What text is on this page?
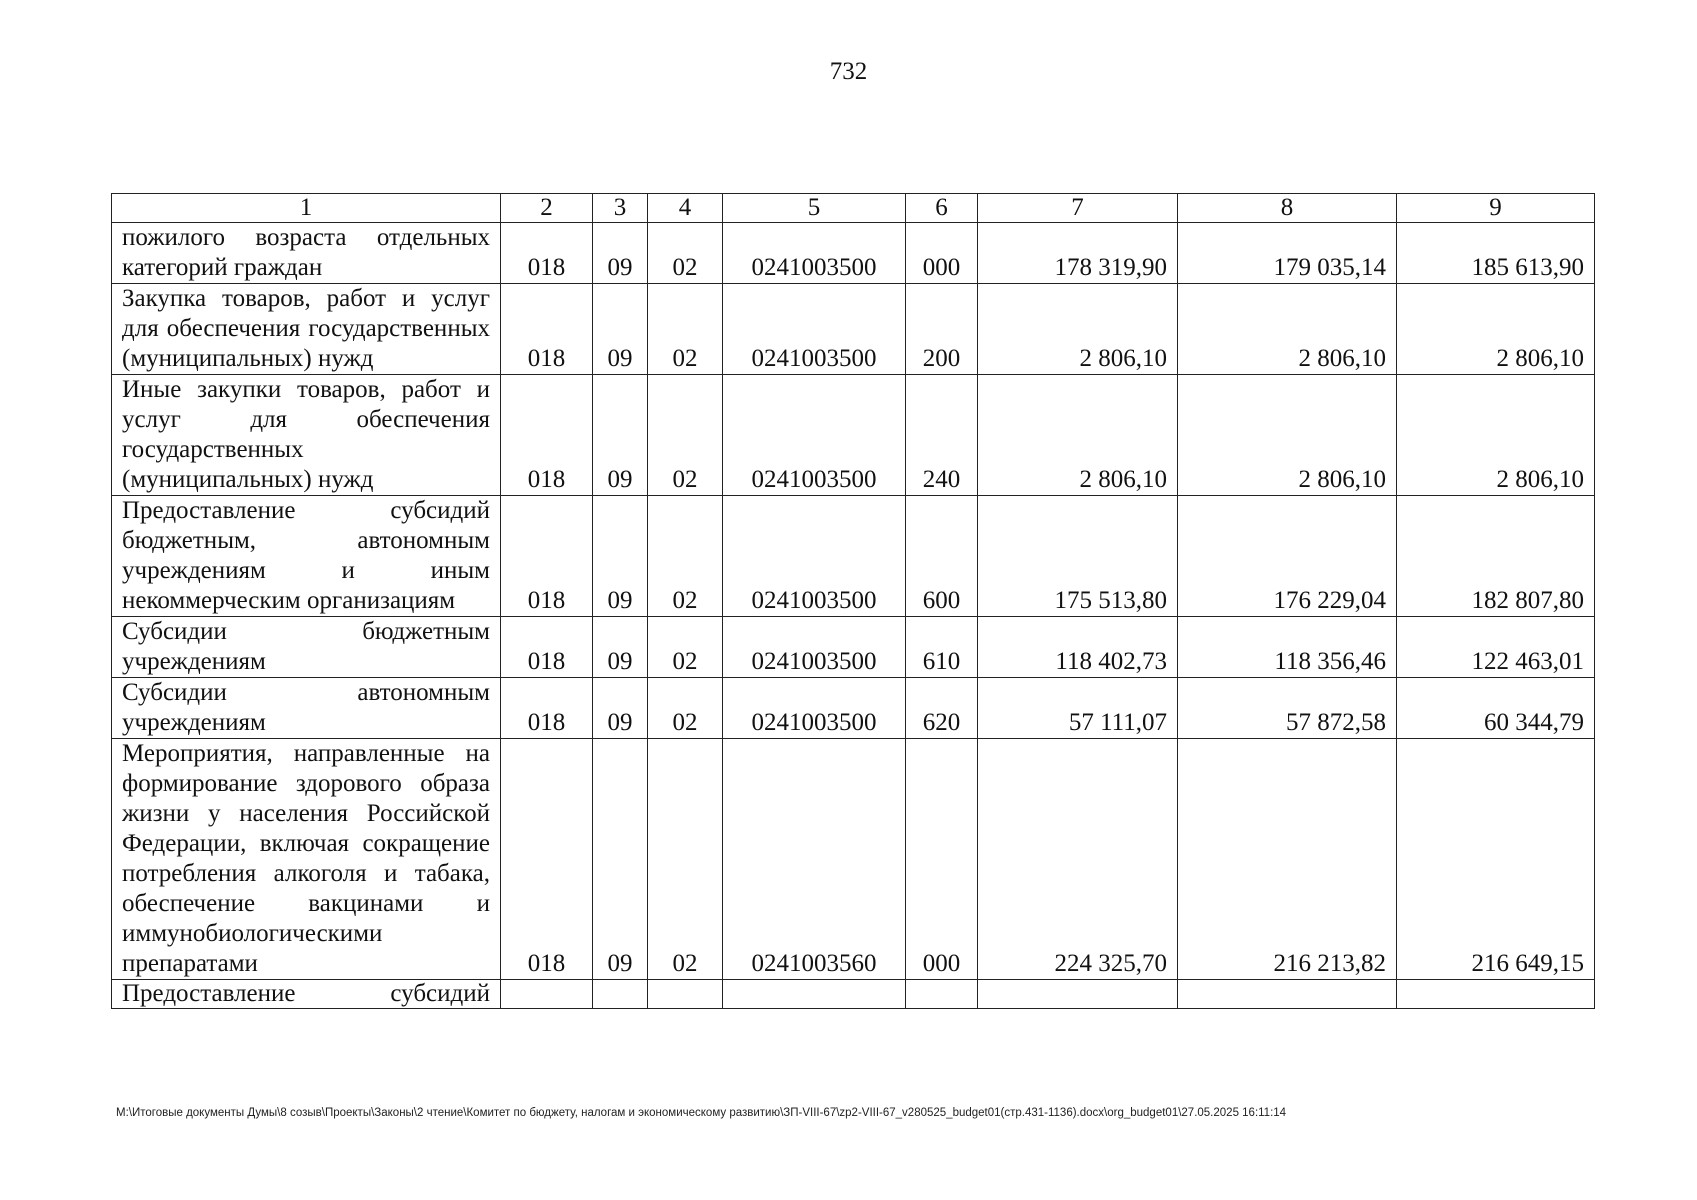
732
1	2	3	4	5	6	7	8	9
пожилого возраста отдельных категорий граждан	018	09	02	0241003500	000	178 319,90	179 035,14	185 613,90
Закупка товаров, работ и услуг для обеспечения государственных (муниципальных) нужд	018	09	02	0241003500	200	2 806,10	2 806,10	2 806,10
Иные закупки товаров, работ и услуг для обеспечения государственных (муниципальных) нужд	018	09	02	0241003500	240	2 806,10	2 806,10	2 806,10
Предоставление субсидий бюджетным, автономным учреждениям и иным некоммерческим организациям	018	09	02	0241003500	600	175 513,80	176 229,04	182 807,80
Субсидии бюджетным учреждениям	018	09	02	0241003500	610	118 402,73	118 356,46	122 463,01
Субсидии автономным учреждениям	018	09	02	0241003500	620	57 111,07	57 872,58	60 344,79
Мероприятия, направленные на формирование здорового образа жизни у населения Российской Федерации, включая сокращение потребления алкоголя и табака, обеспечение вакцинами и иммунобиологическими препаратами	018	09	02	0241003560	000	224 325,70	216 213,82	216 649,15
Предоставление субсидий								
M:\Итоговые документы Думы\8 созыв\Проекты\Законы\2 чтение\Комитет по бюджету, налогам и экономическому развитию\ЗП-VIII-67\zp2-VIII-67_v280525_budget01(стр.431-1136).docx\org_budget01\27.05.2025 16:11:14
